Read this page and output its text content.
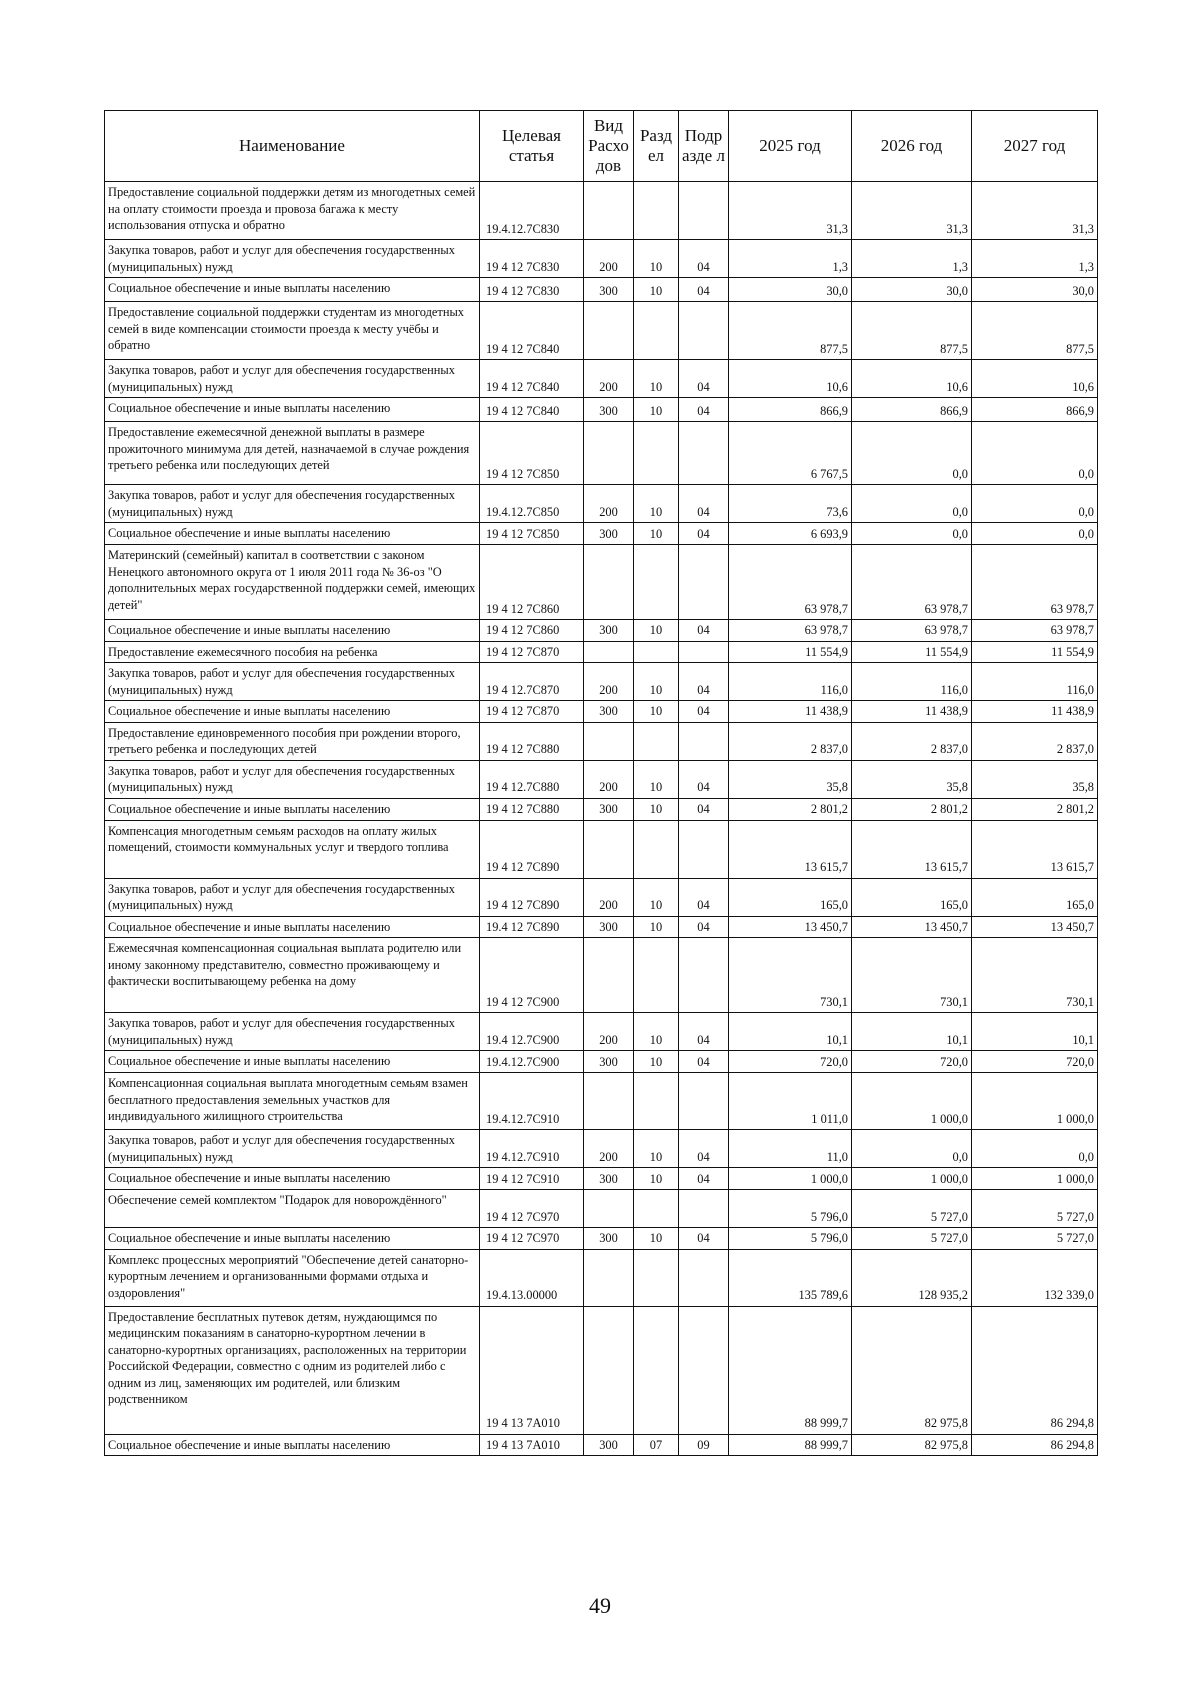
Наименование	Целевая статья	Вид Расхо дов	Разд ел	Подр азде л	2025 год	2026 год	2027 год
Предоставление социальной поддержки детям из многодетных семей на оплату стоимости проезда и провоза багажа к месту использования отпуска и обратно	19.4.12.7С830				31,3	31,3	31,3
Закупка товаров, работ и услуг для обеспечения государственных (муниципальных) нужд	19 4 12 7С830	200	10	04	1,3	1,3	1,3
Социальное обеспечение и иные выплаты населению	19 4 12 7С830	300	10	04	30,0	30,0	30,0
Предоставление социальной поддержки студентам из многодетных семей в виде компенсации стоимости проезда к месту учёбы и обратно	19 4 12 7С840				877,5	877,5	877,5
Закупка товаров, работ и услуг для обеспечения государственных (муниципальных) нужд	19 4 12 7С840	200	10	04	10,6	10,6	10,6
Социальное обеспечение и иные выплаты населению	19 4 12 7С840	300	10	04	866,9	866,9	866,9
Предоставление ежемесячной денежной выплаты в размере прожиточного минимума для детей, назначаемой в случае рождения третьего ребенка или последующих детей	19 4 12 7С850				6 767,5	0,0	0,0
Закупка товаров, работ и услуг для обеспечения государственных (муниципальных) нужд	19.4.12.7С850	200	10	04	73,6	0,0	0,0
Социальное обеспечение и иные выплаты населению	19 4 12 7С850	300	10	04	6 693,9	0,0	0,0
Материнский (семейный) капитал в соответствии с законом Ненецкого автономного округа от 1 июля 2011 года № 36-оз "О дополнительных мерах государственной поддержки семей, имеющих детей"	19 4 12 7С860				63 978,7	63 978,7	63 978,7
Социальное обеспечение и иные выплаты населению	19 4 12 7С860	300	10	04	63 978,7	63 978,7	63 978,7
Предоставление ежемесячного пособия на ребенка	19 4 12 7С870				11 554,9	11 554,9	11 554,9
Закупка товаров, работ и услуг для обеспечения государственных (муниципальных) нужд	19 4 12.7С870	200	10	04	116,0	116,0	116,0
Социальное обеспечение и иные выплаты населению	19 4 12 7С870	300	10	04	11 438,9	11 438,9	11 438,9
Предоставление единовременного пособия при рождении второго, третьего ребенка и последующих детей	19 4 12 7С880				2 837,0	2 837,0	2 837,0
Закупка товаров, работ и услуг для обеспечения государственных (муниципальных) нужд	19 4 12.7С880	200	10	04	35,8	35,8	35,8
Социальное обеспечение и иные выплаты населению	19 4 12 7С880	300	10	04	2 801,2	2 801,2	2 801,2
Компенсация многодетным семьям расходов на оплату жилых помещений, стоимости коммунальных услуг и твердого топлива	19 4 12 7С890				13 615,7	13 615,7	13 615,7
Закупка товаров, работ и услуг для обеспечения государственных (муниципальных) нужд	19 4 12 7С890	200	10	04	165,0	165,0	165,0
Социальное обеспечение и иные выплаты населению	19.4 12 7С890	300	10	04	13 450,7	13 450,7	13 450,7
Ежемесячная компенсационная социальная выплата родителю или иному законному представителю, совместно проживающему и фактически воспитывающему ребенка на дому	19 4 12 7С900				730,1	730,1	730,1
Закупка товаров, работ и услуг для обеспечения государственных (муниципальных) нужд	19.4 12.7С900	200	10	04	10,1	10,1	10,1
Социальное обеспечение и иные выплаты населению	19.4.12.7С900	300	10	04	720,0	720,0	720,0
Компенсационная социальная выплата многодетным семьям взамен бесплатного предоставления земельных участков для индивидуального жилищного строительства	19.4.12.7С910				1 011,0	1 000,0	1 000,0
Закупка товаров, работ и услуг для обеспечения государственных (муниципальных) нужд	19 4.12.7С910	200	10	04	11,0	0,0	0,0
Социальное обеспечение и иные выплаты населению	19 4 12 7С910	300	10	04	1 000,0	1 000,0	1 000,0
Обеспечение семей комплектом "Подарок для новорождённого"	19 4 12 7С970				5 796,0	5 727,0	5 727,0
Социальное обеспечение и иные выплаты населению	19 4 12 7С970	300	10	04	5 796,0	5 727,0	5 727,0
Комплекс процессных мероприятий "Обеспечение детей санаторно-курортным лечением и организованными формами отдыха и оздоровления"	19.4.13.00000				135 789,6	128 935,2	132 339,0
Предоставление бесплатных путевок детям, нуждающимся по медицинским показаниям в санаторно-курортном лечении в санаторно-курортных организациях, расположенных на территории Российской Федерации, совместно с одним из родителей либо с одним из лиц, заменяющих им родителей, или близким родственником	19 4 13 7А010				88 999,7	82 975,8	86 294,8
Социальное обеспечение и иные выплаты населению	19 4 13 7А010	300	07	09	88 999,7	82 975,8	86 294,8
49
